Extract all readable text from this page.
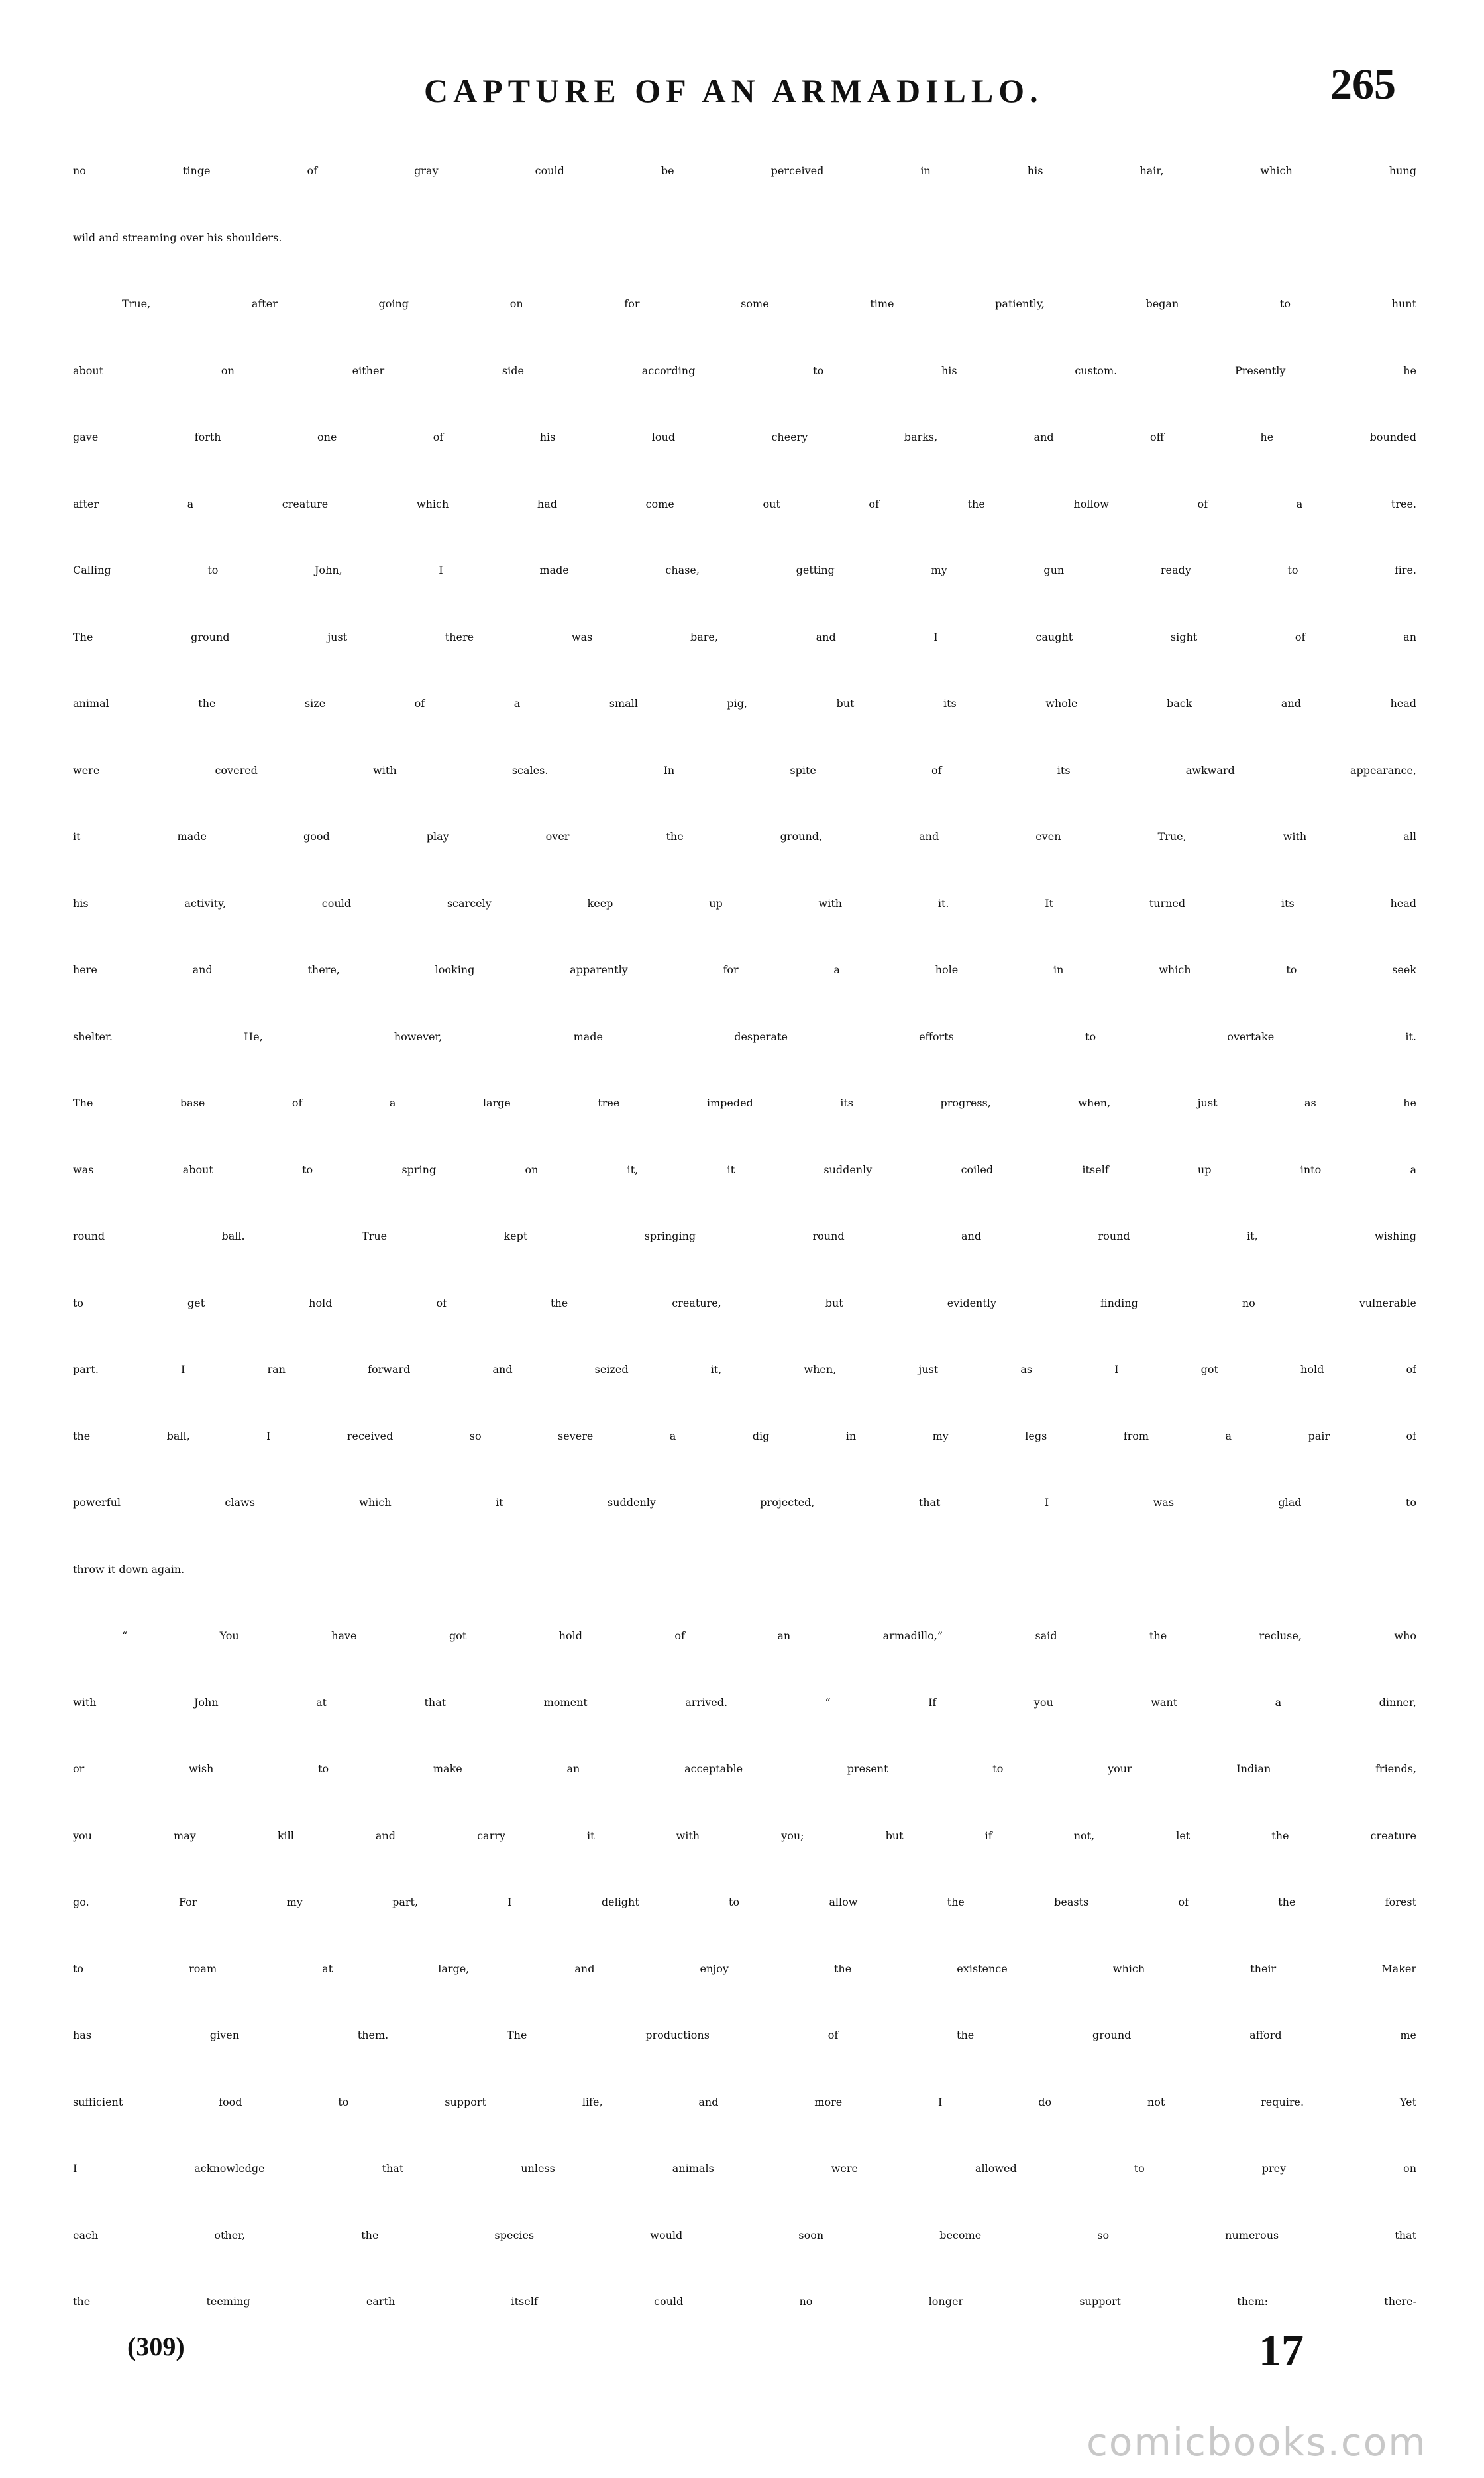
CAPTURE OF AN ARMADILLO.	265
no tinge of gray could be perceived in his hair, which hung
wild and streaming over his shoulders.
True, after going on for some time patiently, began to hunt
about on either side according to his custom. Presently he
gave forth one of his loud cheery barks, and off he bounded
after a creature which had come out of the hollow of a tree.
Calling to John, I made chase, getting my gun ready to fire.
The ground just there was bare, and I caught sight of an
animal the size of a small pig, but its whole back and head
were covered with scales. In spite of its awkward appearance,
it made good play over the ground, and even True, with all
his activity, could scarcely keep up with it. It turned its head
here and there, looking apparently for a hole in which to seek
shelter. He, however, made desperate efforts to overtake it.
The base of a large tree impeded its progress, when, just as he
was about to spring on it, it suddenly coiled itself up into a
round ball. True kept springing round and round it, wishing
to get hold of the creature, but evidently finding no vulnerable
part. I ran forward and seized it, when, just as I got hold of
the ball, I received so severe a dig in my legs from a pair of
powerful claws which it suddenly projected, that I was glad to
throw it down again.
“ You have got hold of an armadillo,” said the recluse, who
with John at that moment arrived. “ If you want a dinner,
or wish to make an acceptable present to your Indian friends,
you may kill and carry it with you; but if not, let the creature
go. For my part, I delight to allow the beasts of the forest
to roam at large, and enjoy the existence which their Maker
has given them. The productions of the ground afford me
sufficient food to support life, and more I do not require. Yet
I acknowledge that unless animals were allowed to prey on
each other, the species would soon become so numerous that
the teeming earth itself could no longer support them: there-
(309)	17
comicbooks.com
